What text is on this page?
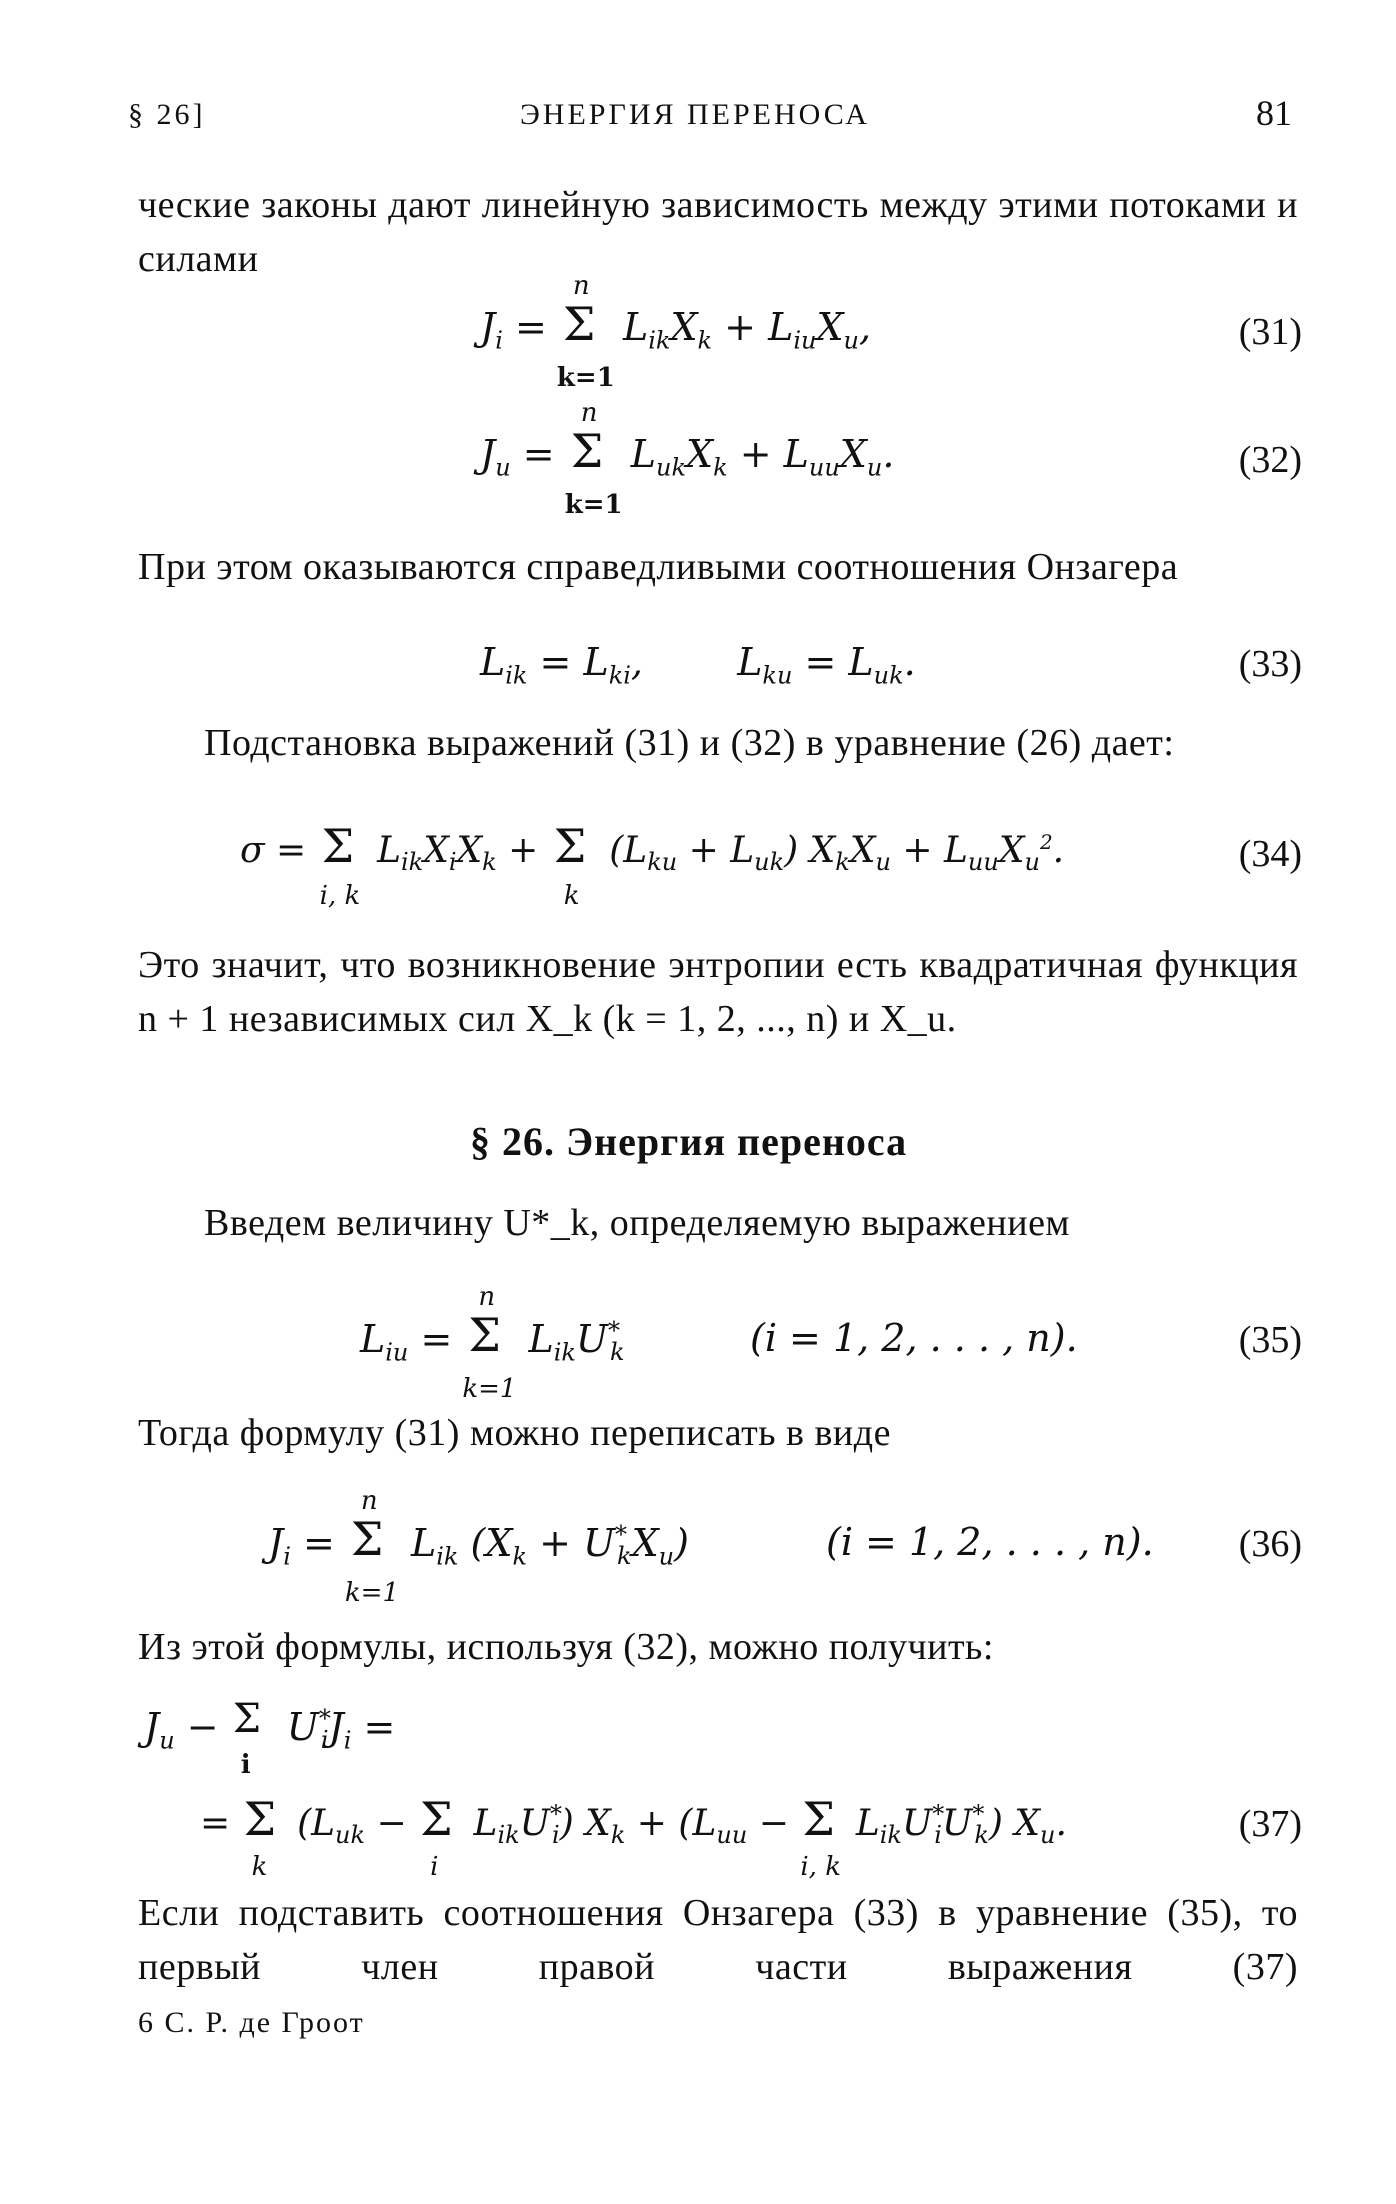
§ 26]	ЭНЕРГИЯ ПЕРЕНОСА	81
ческие законы дают линейную зависимость между этими потоками и силами
$J_i$ =
n
Σ
k=1
$L_{ik}X_k + L_{iu}X_u$,	(31)
$J_u$ =
n
Σ
k=1
$L_{uk}X_k + L_{uu}X_u$.	(32)
При этом оказываются справедливыми соотношения Онзагера
$L_{ik} = L_{ki}$, $L_{ku} = L_{uk}$.	(33)
Подстановка выражений (31) и (32) в уравнение (26) дает:
σ = Σ
i, k
$L_{ik}X_iX_k + \Sigma$
k
$(L_{ku} + L_{uk}) X_kX_u + L_{uu}X_u^2$.	(34)
Это значит, что возникновение энтропии есть квадратичная функция n + 1 независимых сил X_k (k = 1, 2, ..., n) и X_u.
§ 26. Энергия переноса
Введем величину U*_k, определяемую выражением
$L_{iu}$ =
n
Σ
k=1
$L_{ik}U^*_k$	(i = 1, 2, . . . , n).	(35)
Тогда формулу (31) можно переписать в виде
$J_i$ =
n
Σ
k=1
$L_{ik}$ $(X_k + U^*_kX_u)$	(i = 1, 2, . . . , n). (36)
Из этой формулы, используя (32), можно получить:
$J_u - \Sigma$
i
$U^*_iJ_i$ =
= Σ
k
($L_{uk} - \Sigma$
i
$L_{ik}U^*_i$) $X_k + (L_{uu} - \Sigma$
i, k
$L_{ik}U^*_iU^*_k$) $X_u$.	(37)
Если подставить соотношения Онзагера (33) в уравнение (35), то первый член правой части выражения (37)
6 С. Р. де Гроот
